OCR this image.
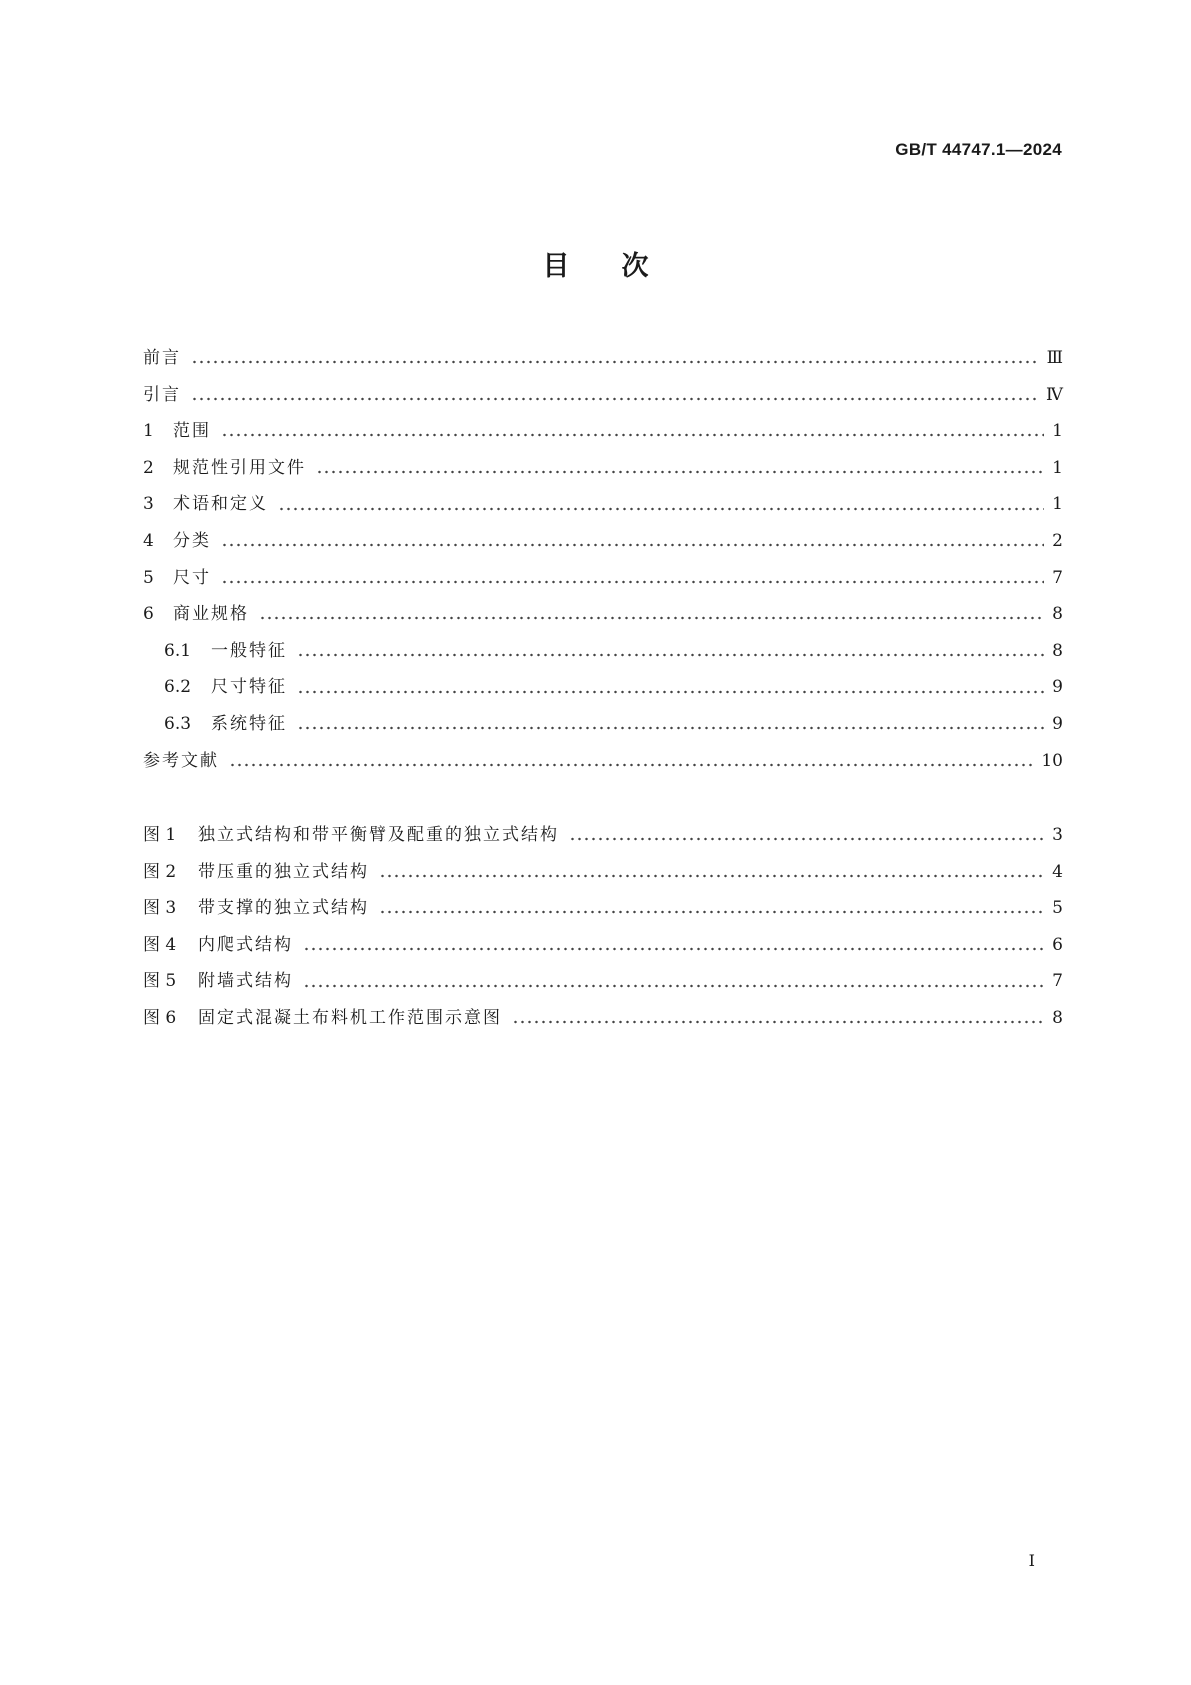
GB/T 44747.1—2024
目次
前言	Ⅲ
引言	Ⅳ
1	范围	1
2	规范性引用文件	1
3	术语和定义	1
4	分类	2
5	尺寸	7
6	商业规格	8
6.1	一般特征	8
6.2	尺寸特征	9
6.3	系统特征	9
参考文献	10
图 1	独立式结构和带平衡臂及配重的独立式结构	3
图 2	带压重的独立式结构	4
图 3	带支撑的独立式结构	5
图 4	内爬式结构	6
图 5	附墙式结构	7
图 6	固定式混凝土布料机工作范围示意图	8
Ⅰ
